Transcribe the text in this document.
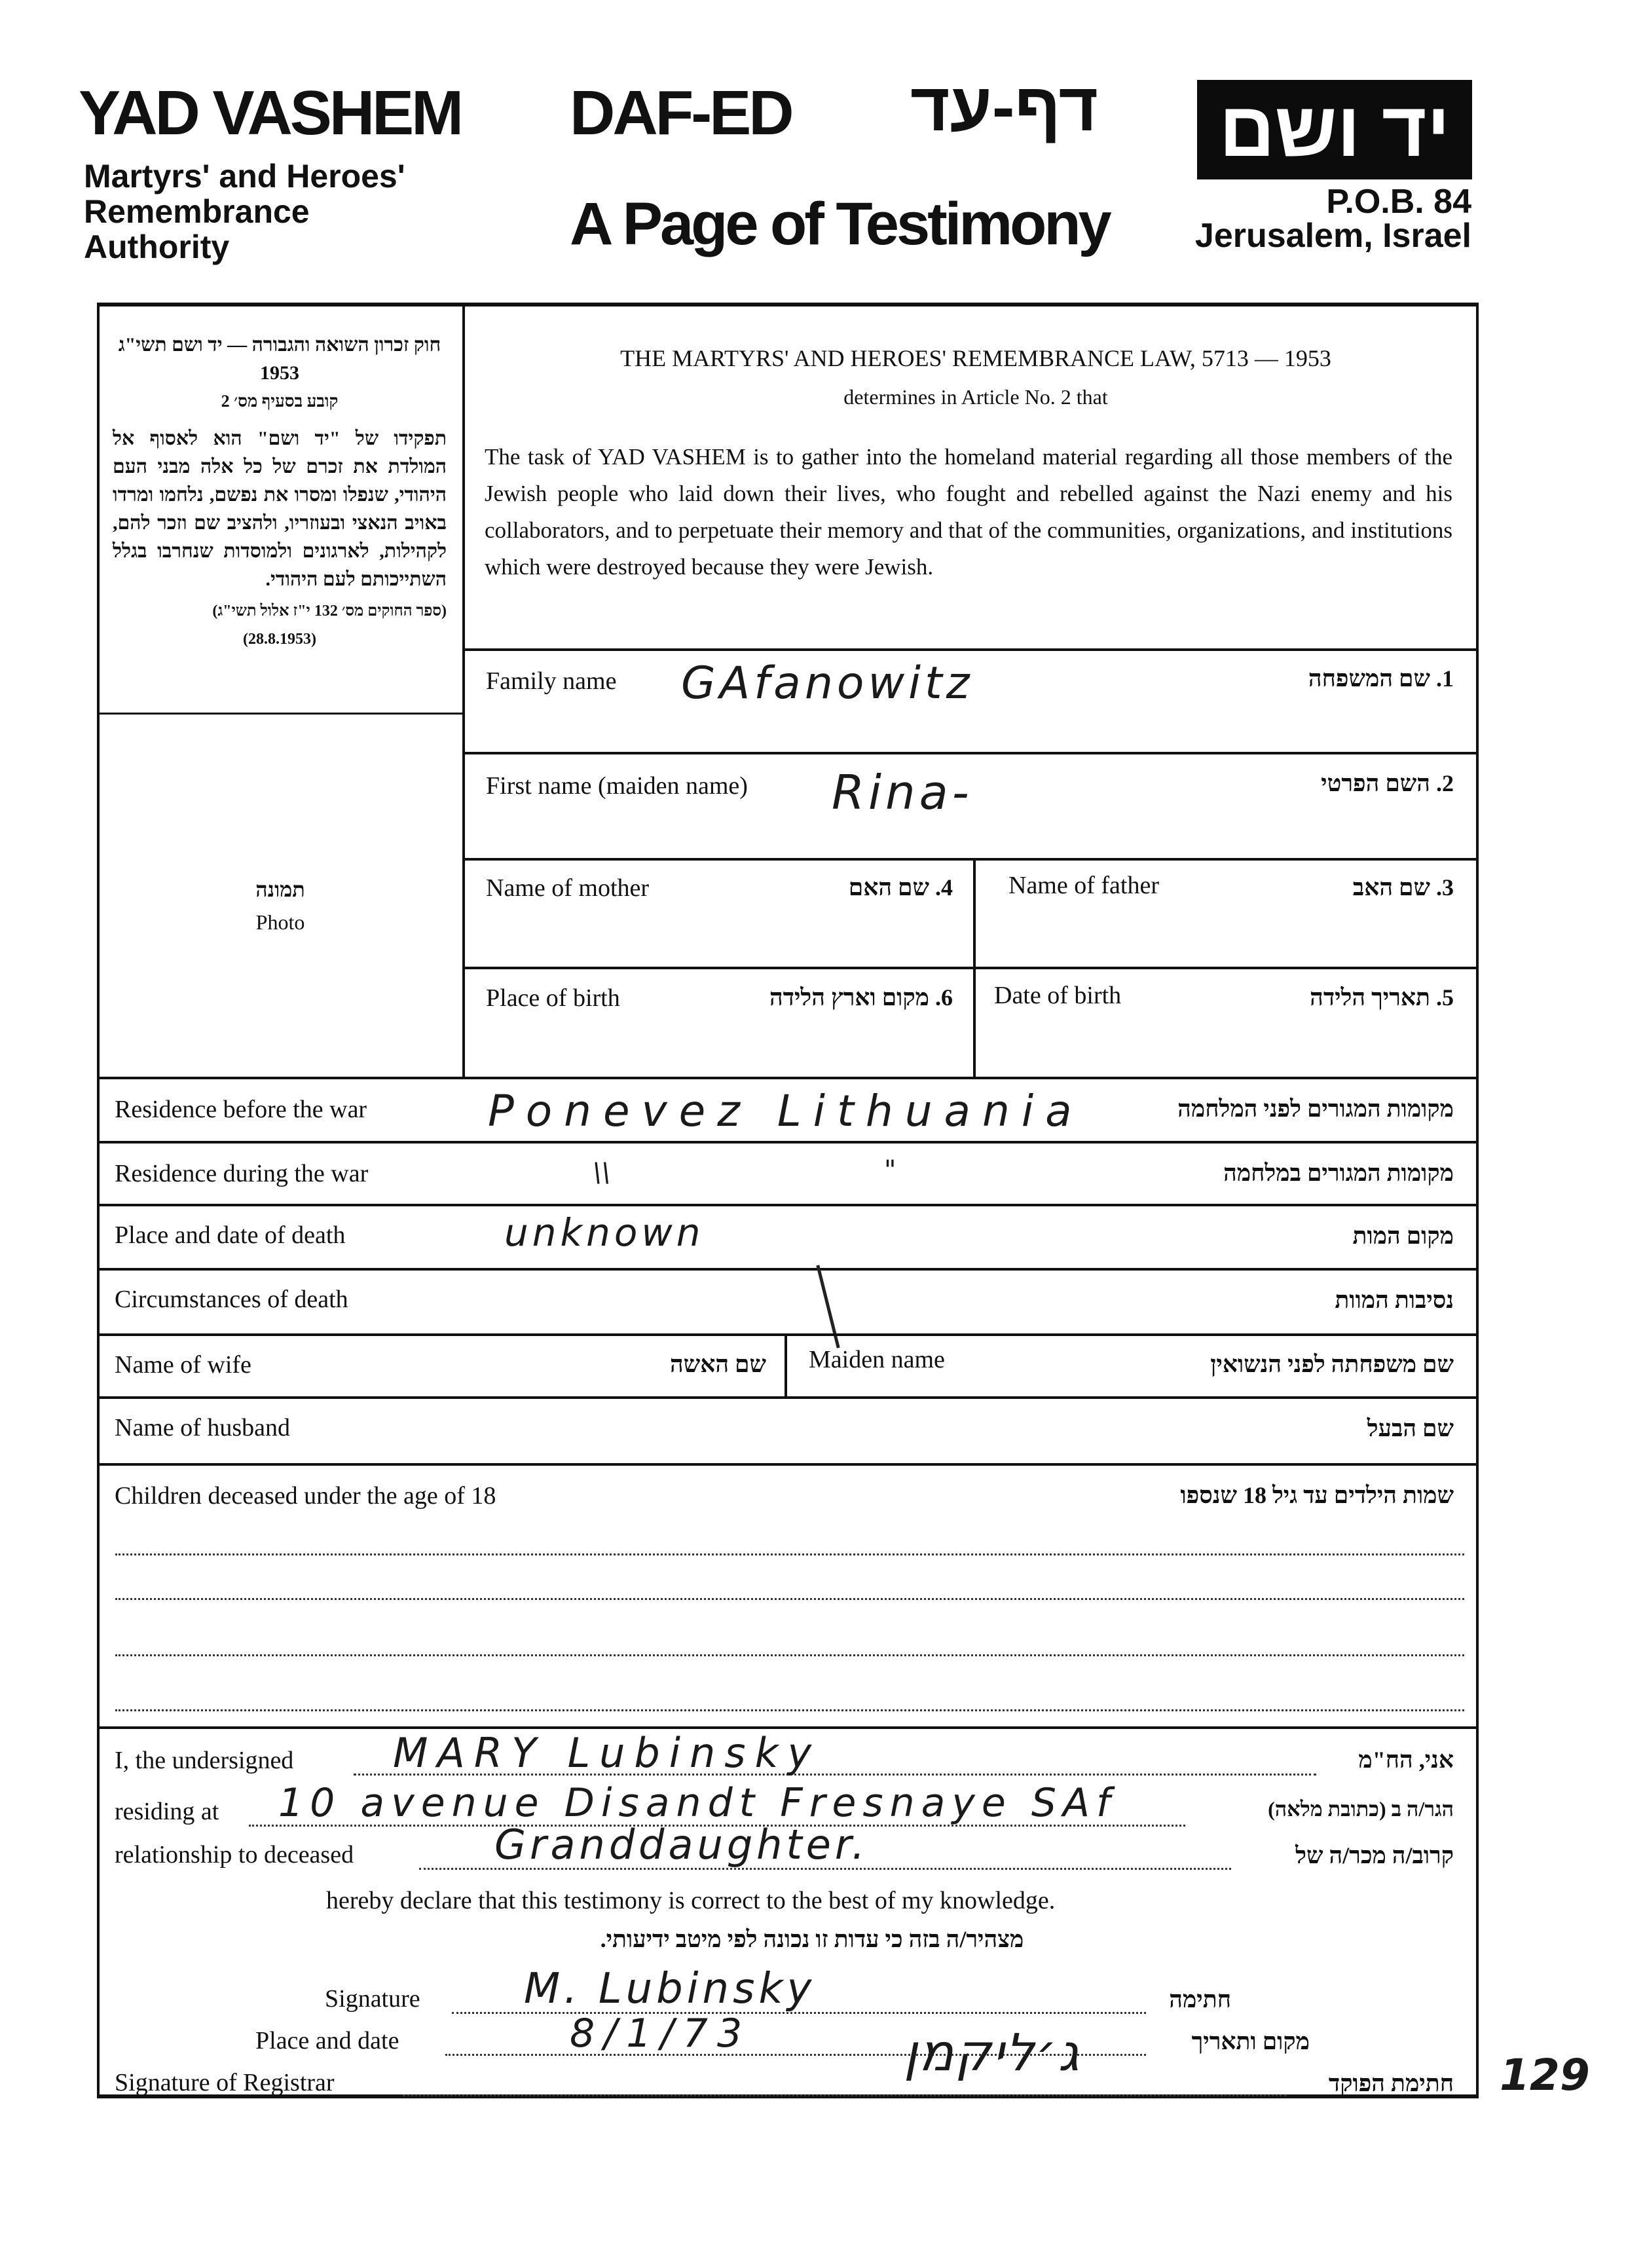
YAD VASHEM
Martyrs' and Heroes'
Remembrance
Authority
DAF-ED דף-עד
A Page of Testimony
יד ושם
P.O.B. 84
Jerusalem, Israel
חוק זכרון השואה והגבורה — יד ושם תשי"ג 1953
קובע בסעיף מס׳ 2
תפקידו של "יד ושם" הוא לאסוף אל המולדת את זכרם של כל אלה מבני העם היהודי, שנפלו ומסרו את נפשם, נלחמו ומרדו באויב הנאצי ובעוזריו, ולהציב שם וזכר להם, לקהילות, לארגונים ולמוסדות שנחרבו בגלל השתייכותם לעם היהודי.
(ספר החוקים מס׳ 132 י"ז אלול תשי"ג)
(28.8.1953)
THE MARTYRS' AND HEROES' REMEMBRANCE LAW, 5713 — 1953
determines in Article No. 2 that
The task of YAD VASHEM is to gather into the homeland material regarding all those members of the Jewish people who laid down their lives, who fought and rebelled against the Nazi enemy and his collaborators, and to perpetuate their memory and that of the communities, organizations, and institutions which were destroyed because they were Jewish.
תמונה
Photo
Family name GAfanowitz	1. שם המשפחה
First name (maiden name) Rina-	2. השם הפרטי
Name of mother	4. שם האם	Name of father	3. שם האב
Place of birth	6. מקום וארץ הלידה	Date of birth	5. תאריך הלידה
Residence before the war	Ponevez Lithuania	מקומות המגורים לפני המלחמה
Residence during the war	\\	"	מקומות המגורים במלחמה
Place and date of death	unknown	מקום המות
Circumstances of death	נסיבות המוות
Name of wife	שם האשה Maiden name	שם משפחתה לפני הנשואין
Name of husband	שם הבעל
Children deceased under the age of 18	שמות הילדים עד גיל 18 שנספו
I, the undersigned MARY Lubinsky	אני, הח"מ
residing at 10 avenue Disandt Fresnaye SAf	הגר/ה ב (כתובת מלאה)
relationship to deceased	Granddaughter.	קרוב/ה מכר/ה של
hereby declare that this testimony is correct to the best of my knowledge.
מצהיר/ה בזה כי עדות זו נכונה לפי מיטב ידיעותי.
Signature M. Lubinsky	חתימה
Place and date	8/1/73	מקום ותאריך
Signature of Registrar	ג׳ליקמן
חתימת הפוקד 129
